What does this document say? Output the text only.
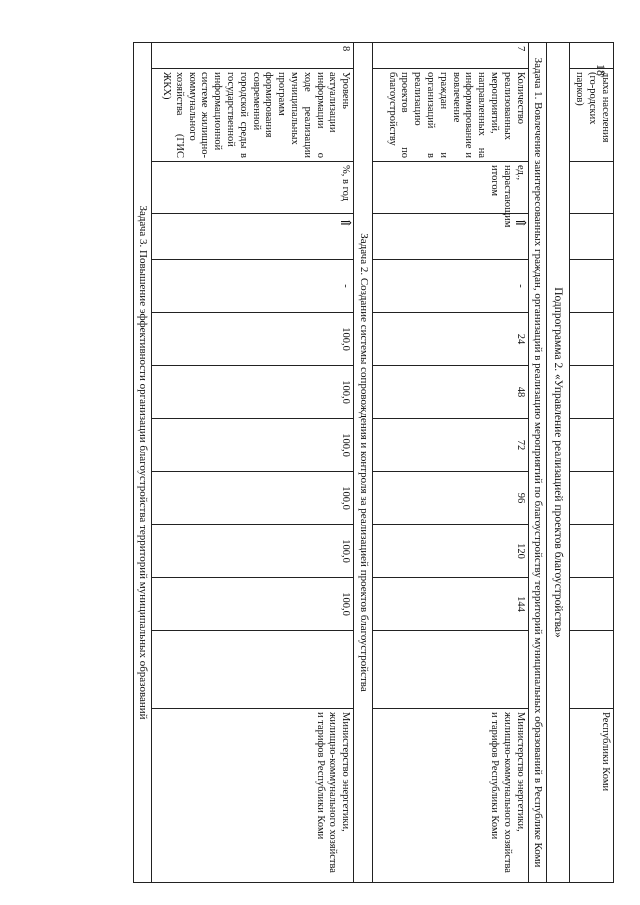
18
	дыха населения (го-родских парков)											Республики Коми
Подпрограмма 2. «Управление реализацией проектов благоустройства»												
Задача 1. Вовлечение заинтересованных граждан, организаций в реализацию мероприятий по благоустройству территорий муниципальных образований в Республике Коми												
7	Количество реализованных мероприятий, направленных на информирование и вовлечение граждан и организаций в реализацию проектов по благоустройству	ед., нарастающим итогом	⇑	-	24	48	72	96	120	144		Министерство энергетики, жилищно-коммунального хозяйства и тарифов Республики Коми
Задача 2. Создание системы сопровождения и контроля за реализацией проектов благоустройства												
8	Уровень актуализации информации о ходе реализации муниципальных программ формирования современной городской среды в государственной информационной системе жилищно-коммунального хозяйства (ГИС ЖКХ)	%, в год	⇑	-	100,0	100,0	100,0	100,0	100,0	100,0		Министерство энергетики, жилищно-коммунального хозяйства и тарифов Республики Коми
Задача 3. Повышение эффективности организации благоустройства территорий муниципальных образований												
